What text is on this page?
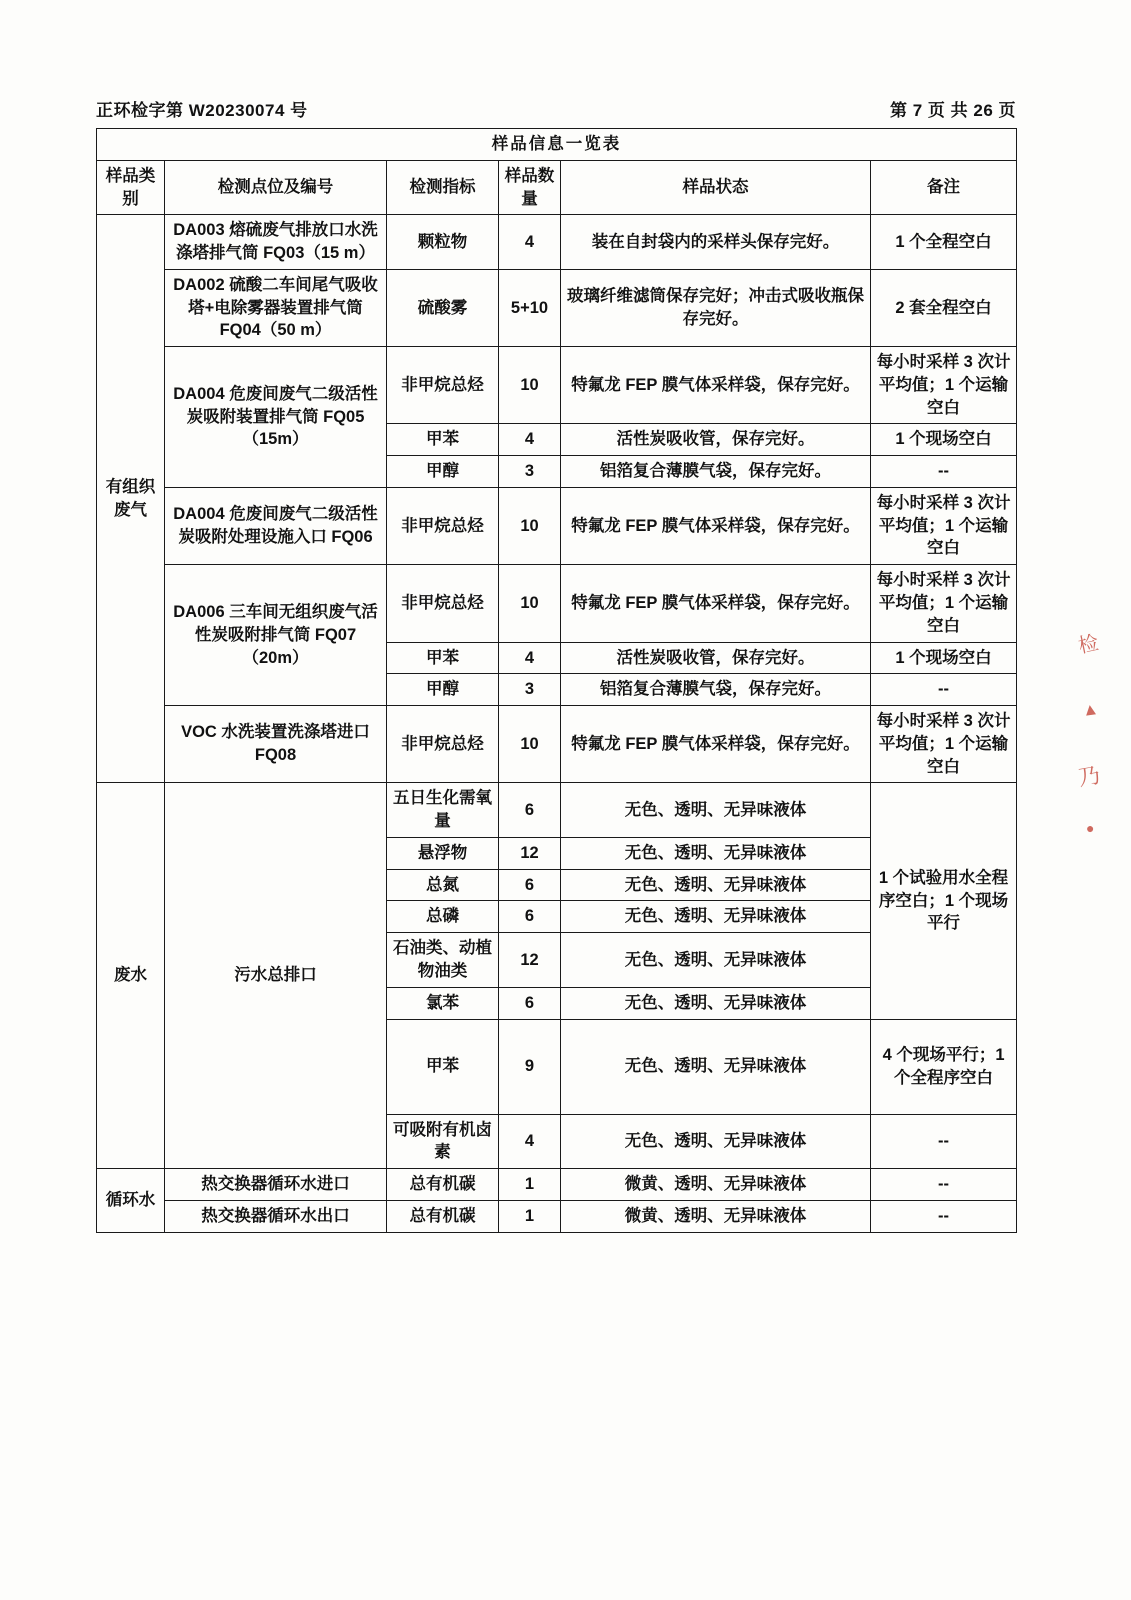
正环检字第 W20230074 号	第 7 页 共 26 页
样品信息一览表					
样品类别	检测点位及编号	检测指标	样品数量	样品状态	备注
有组织废气	DA003 熔硫废气排放口水洗涤塔排气筒 FQ03（15 m）	颗粒物	4	装在自封袋内的采样头保存完好。	1 个全程空白
	DA002 硫酸二车间尾气吸收塔+电除雾器装置排气筒 FQ04（50 m）	硫酸雾	5+10	玻璃纤维滤筒保存完好；冲击式吸收瓶保存完好。	2 套全程空白
	DA004 危废间废气二级活性炭吸附装置排气筒 FQ05（15m）	非甲烷总烃	10	特氟龙 FEP 膜气体采样袋，保存完好。	每小时采样 3 次计平均值；1 个运输空白
		甲苯	4	活性炭吸收管，保存完好。	1 个现场空白
		甲醇	3	铝箔复合薄膜气袋，保存完好。	--
	DA004 危废间废气二级活性炭吸附处理设施入口 FQ06	非甲烷总烃	10	特氟龙 FEP 膜气体采样袋，保存完好。	每小时采样 3 次计平均值；1 个运输空白
	DA006 三车间无组织废气活性炭吸附排气筒 FQ07（20m）	非甲烷总烃	10	特氟龙 FEP 膜气体采样袋，保存完好。	每小时采样 3 次计平均值；1 个运输空白
		甲苯	4	活性炭吸收管，保存完好。	1 个现场空白
		甲醇	3	铝箔复合薄膜气袋，保存完好。	--
	VOC 水洗装置洗涤塔进口 FQ08	非甲烷总烃	10	特氟龙 FEP 膜气体采样袋，保存完好。	每小时采样 3 次计平均值；1 个运输空白
废水	污水总排口	五日生化需氧量	6	无色、透明、无异味液体	1 个试验用水全程序空白；1 个现场平行
		悬浮物	12	无色、透明、无异味液体	
		总氮	6	无色、透明、无异味液体	
		总磷	6	无色、透明、无异味液体	
		石油类、动植物油类	12	无色、透明、无异味液体	
		氯苯	6	无色、透明、无异味液体	
		甲苯	9	无色、透明、无异味液体	4 个现场平行；1 个全程序空白
		可吸附有机卤素	4	无色、透明、无异味液体	--
循环水	热交换器循环水进口	总有机碳	1	微黄、透明、无异味液体	--
	热交换器循环水出口	总有机碳	1	微黄、透明、无异味液体	--
检
▲
乃
●
